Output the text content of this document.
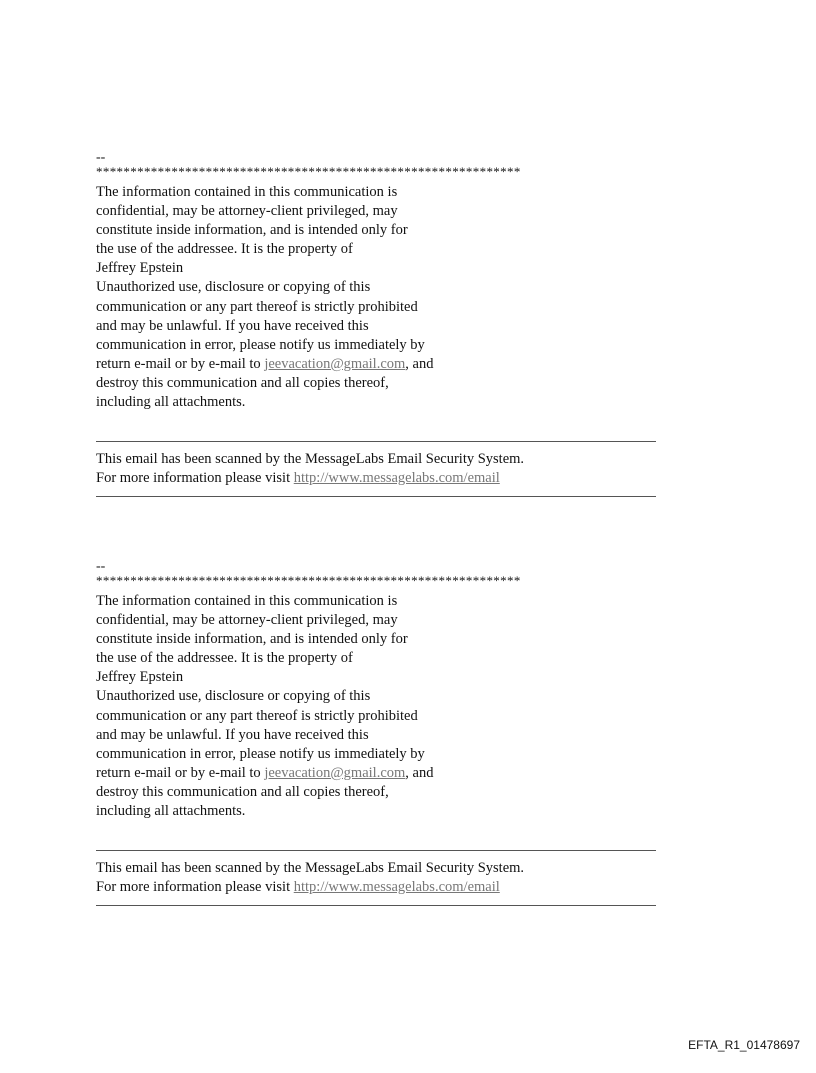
--
**************************************************************

The information contained in this communication is

confidential, may be attorney-client privileged, may

constitute inside information, and is intended only for

the use of the addressee. It is the property of

Jeffrey Epstein

Unauthorized use, disclosure or copying of this

communication or any part thereof is strictly prohibited

and may be unlawful. If you have received this

communication in error, please notify us immediately by

return e-mail or by e-mail to jeevacation@gmail.com, and

destroy this communication and all copies thereof,

including all attachments.

This email has been scanned by the MessageLabs Email Security System.

For more information please visit http://www.messagelabs.com/email

--
**************************************************************

The information contained in this communication is

confidential, may be attorney-client privileged, may

constitute inside information, and is intended only for

the use of the addressee. It is the property of

Jeffrey Epstein

Unauthorized use, disclosure or copying of this

communication or any part thereof is strictly prohibited

and may be unlawful. If you have received this

communication in error, please notify us immediately by

return e-mail or by e-mail to jeevacation@gmail.com, and

destroy this communication and all copies thereof,

including all attachments.

This email has been scanned by the MessageLabs Email Security System.

For more information please visit http://www.messagelabs.com/email

EFTA_R1_01478697
